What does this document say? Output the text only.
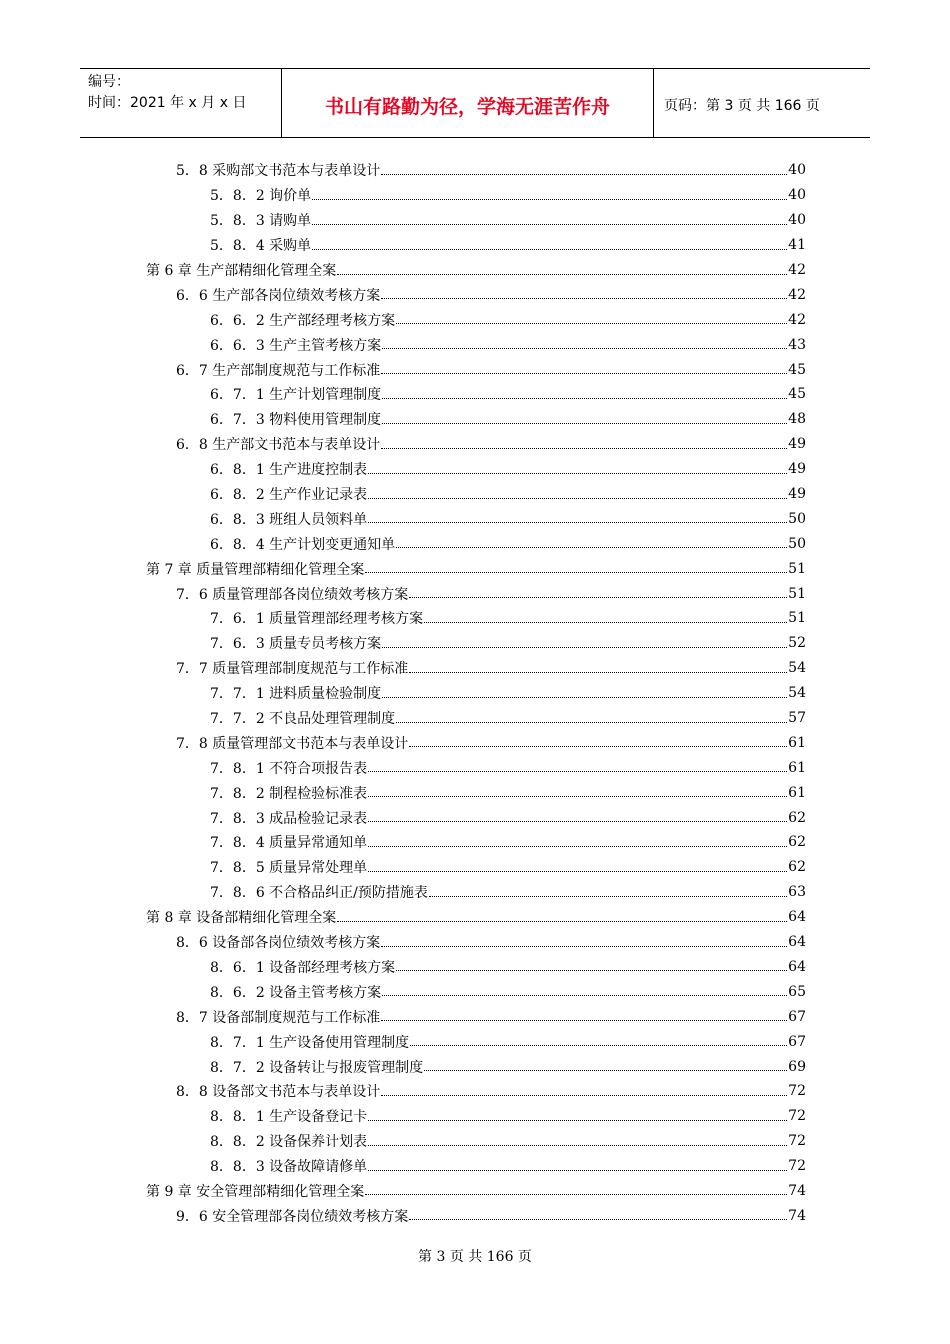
编号：
时间：2021 年 x 月 x 日	书山有路勤为径，学海无涯苦作舟	页码：第 3 页 共 166 页
5．8 采购部文书范本与表单设计	40
5．8．2 询价单	40
5．8．3 请购单	40
5．8．4 采购单	41
第 6 章 生产部精细化管理全案	42
6．6 生产部各岗位绩效考核方案	42
6．6．2 生产部经理考核方案	42
6．6．3 生产主管考核方案	43
6．7 生产部制度规范与工作标准	45
6．7．1 生产计划管理制度	45
6．7．3 物料使用管理制度	48
6．8 生产部文书范本与表单设计	49
6．8．1 生产进度控制表	49
6．8．2 生产作业记录表	49
6．8．3 班组人员领料单	50
6．8．4 生产计划变更通知单	50
第 7 章 质量管理部精细化管理全案	51
7．6 质量管理部各岗位绩效考核方案	51
7．6．1 质量管理部经理考核方案	51
7．6．3 质量专员考核方案	52
7．7 质量管理部制度规范与工作标准	54
7．7．1 进料质量检验制度	54
7．7．2 不良品处理管理制度	57
7．8 质量管理部文书范本与表单设计	61
7．8．1 不符合项报告表	61
7．8．2 制程检验标准表	61
7．8．3 成品检验记录表	62
7．8．4 质量异常通知单	62
7．8．5 质量异常处理单	62
7．8．6 不合格品纠正/预防措施表	63
第 8 章 设备部精细化管理全案	64
8．6 设备部各岗位绩效考核方案	64
8．6．1 设备部经理考核方案	64
8．6．2 设备主管考核方案	65
8．7 设备部制度规范与工作标准	67
8．7．1 生产设备使用管理制度	67
8．7．2 设备转让与报废管理制度	69
8．8 设备部文书范本与表单设计	72
8．8．1 生产设备登记卡	72
8．8．2 设备保养计划表	72
8．8．3 设备故障请修单	72
第 9 章 安全管理部精细化管理全案	74
9．6 安全管理部各岗位绩效考核方案	74
第 3 页 共 166 页
